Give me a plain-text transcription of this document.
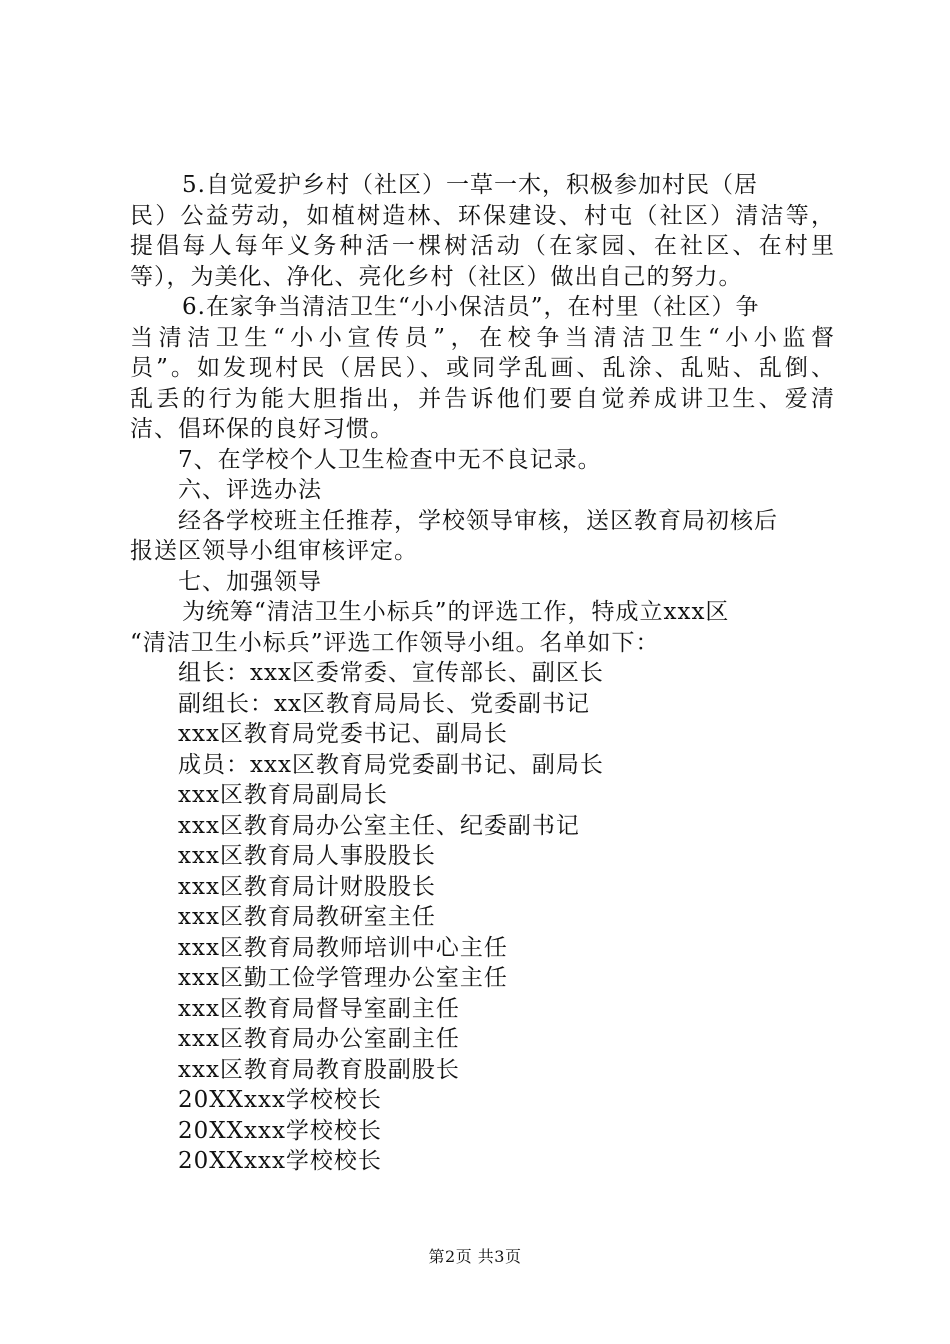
5.自觉爱护乡村（社区）一草一木，积极参加村民（居
民）公益劳动，如植树造林、环保建设、村屯（社区）清洁等，
提倡每人每年义务种活一棵树活动（在家园、在社区、在村里
等），为美化、净化、亮化乡村（社区）做出自己的努力。
6.在家争当清洁卫生“小小保洁员”，在村里（社区）争
当清洁卫生“小小宣传员”，在校争当清洁卫生“小小监督
员”。如发现村民（居民）、或同学乱画、乱涂、乱贴、乱倒、
乱丢的行为能大胆指出，并告诉他们要自觉养成讲卫生、爱清
洁、倡环保的良好习惯。
7、在学校个人卫生检查中无不良记录。
六、评选办法
经各学校班主任推荐，学校领导审核，送区教育局初核后
报送区领导小组审核评定。
七、加强领导
为统筹“清洁卫生小标兵”的评选工作，特成立xxx区
“清洁卫生小标兵”评选工作领导小组。名单如下：
组长：xxx区委常委、宣传部长、副区长
副组长：xx区教育局局长、党委副书记
xxx区教育局党委书记、副局长
成员：xxx区教育局党委副书记、副局长
xxx区教育局副局长
xxx区教育局办公室主任、纪委副书记
xxx区教育局人事股股长
xxx区教育局计财股股长
xxx区教育局教研室主任
xxx区教育局教师培训中心主任
xxx区勤工俭学管理办公室主任
xxx区教育局督导室副主任
xxx区教育局办公室副主任
xxx区教育局教育股副股长
20XXxxx学校校长
20XXxxx学校校长
20XXxxx学校校长
第2页 共3页
